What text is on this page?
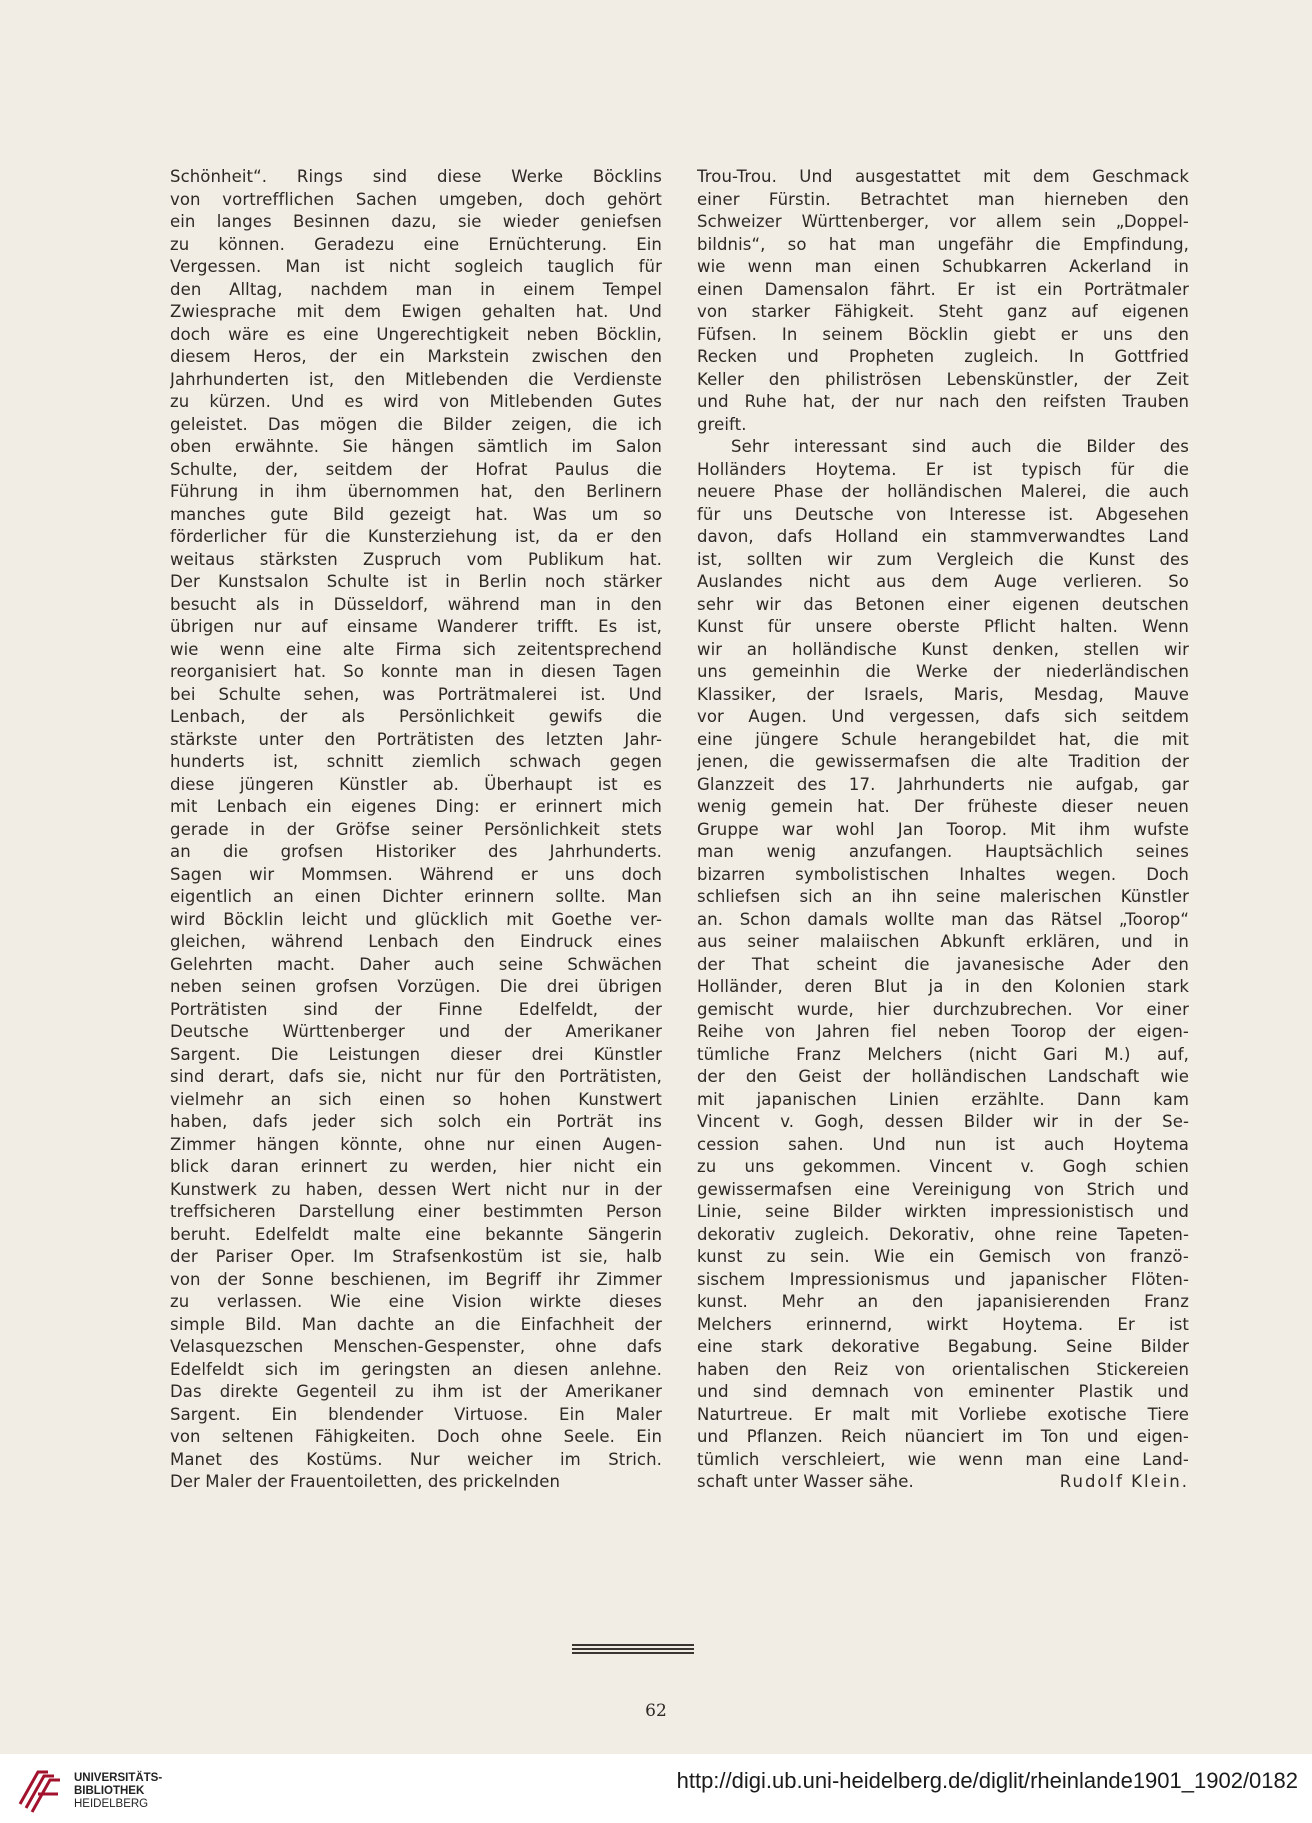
Schönheit“. Rings sind diese Werke Böcklins
von vortrefflichen Sachen umgeben, doch gehört
ein langes Besinnen dazu, sie wieder geniefsen
zu können. Geradezu eine Ernüchterung. Ein
Vergessen. Man ist nicht sogleich tauglich für
den Alltag, nachdem man in einem Tempel
Zwiesprache mit dem Ewigen gehalten hat. Und
doch wäre es eine Ungerechtigkeit neben Böcklin,
diesem Heros, der ein Markstein zwischen den
Jahrhunderten ist, den Mitlebenden die Verdienste
zu kürzen. Und es wird von Mitlebenden Gutes
geleistet. Das mögen die Bilder zeigen, die ich
oben erwähnte. Sie hängen sämtlich im Salon
Schulte, der, seitdem der Hofrat Paulus die
Führung in ihm übernommen hat, den Berlinern
manches gute Bild gezeigt hat. Was um so
förderlicher für die Kunsterziehung ist, da er den
weitaus stärksten Zuspruch vom Publikum hat.
Der Kunstsalon Schulte ist in Berlin noch stärker
besucht als in Düsseldorf, während man in den
übrigen nur auf einsame Wanderer trifft. Es ist,
wie wenn eine alte Firma sich zeitentsprechend
reorganisiert hat. So konnte man in diesen Tagen
bei Schulte sehen, was Porträtmalerei ist. Und
Lenbach, der als Persönlichkeit gewifs die
stärkste unter den Porträtisten des letzten Jahr-
hunderts ist, schnitt ziemlich schwach gegen
diese jüngeren Künstler ab. Überhaupt ist es
mit Lenbach ein eigenes Ding: er erinnert mich
gerade in der Gröfse seiner Persönlichkeit stets
an die grofsen Historiker des Jahrhunderts.
Sagen wir Mommsen. Während er uns doch
eigentlich an einen Dichter erinnern sollte. Man
wird Böcklin leicht und glücklich mit Goethe ver-
gleichen, während Lenbach den Eindruck eines
Gelehrten macht. Daher auch seine Schwächen
neben seinen grofsen Vorzügen. Die drei übrigen
Porträtisten sind der Finne Edelfeldt, der
Deutsche Württenberger und der Amerikaner
Sargent. Die Leistungen dieser drei Künstler
sind derart, dafs sie, nicht nur für den Porträtisten,
vielmehr an sich einen so hohen Kunstwert
haben, dafs jeder sich solch ein Porträt ins
Zimmer hängen könnte, ohne nur einen Augen-
blick daran erinnert zu werden, hier nicht ein
Kunstwerk zu haben, dessen Wert nicht nur in der
treffsicheren Darstellung einer bestimmten Person
beruht. Edelfeldt malte eine bekannte Sängerin
der Pariser Oper. Im Strafsenkostüm ist sie, halb
von der Sonne beschienen, im Begriff ihr Zimmer
zu verlassen. Wie eine Vision wirkte dieses
simple Bild. Man dachte an die Einfachheit der
Velasquezschen Menschen-Gespenster, ohne dafs
Edelfeldt sich im geringsten an diesen anlehne.
Das direkte Gegenteil zu ihm ist der Amerikaner
Sargent. Ein blendender Virtuose. Ein Maler
von seltenen Fähigkeiten. Doch ohne Seele. Ein
Manet des Kostüms. Nur weicher im Strich.
Der Maler der Frauentoiletten, des prickelnden
Trou-Trou. Und ausgestattet mit dem Geschmack
einer Fürstin. Betrachtet man hierneben den
Schweizer Württenberger, vor allem sein „Doppel-
bildnis“, so hat man ungefähr die Empfindung,
wie wenn man einen Schubkarren Ackerland in
einen Damensalon fährt. Er ist ein Porträtmaler
von starker Fähigkeit. Steht ganz auf eigenen
Füfsen. In seinem Böcklin giebt er uns den
Recken und Propheten zugleich. In Gottfried
Keller den philiströsen Lebenskünstler, der Zeit
und Ruhe hat, der nur nach den reifsten Trauben
greift.
Sehr interessant sind auch die Bilder des
Holländers Hoytema. Er ist typisch für die
neuere Phase der holländischen Malerei, die auch
für uns Deutsche von Interesse ist. Abgesehen
davon, dafs Holland ein stammverwandtes Land
ist, sollten wir zum Vergleich die Kunst des
Auslandes nicht aus dem Auge verlieren. So
sehr wir das Betonen einer eigenen deutschen
Kunst für unsere oberste Pflicht halten. Wenn
wir an holländische Kunst denken, stellen wir
uns gemeinhin die Werke der niederländischen
Klassiker, der Israels, Maris, Mesdag, Mauve
vor Augen. Und vergessen, dafs sich seitdem
eine jüngere Schule herangebildet hat, die mit
jenen, die gewissermafsen die alte Tradition der
Glanzzeit des 17. Jahrhunderts nie aufgab, gar
wenig gemein hat. Der früheste dieser neuen
Gruppe war wohl Jan Toorop. Mit ihm wufste
man wenig anzufangen. Hauptsächlich seines
bizarren symbolistischen Inhaltes wegen. Doch
schliefsen sich an ihn seine malerischen Künstler
an. Schon damals wollte man das Rätsel „Toorop“
aus seiner malaiischen Abkunft erklären, und in
der That scheint die javanesische Ader den
Holländer, deren Blut ja in den Kolonien stark
gemischt wurde, hier durchzubrechen. Vor einer
Reihe von Jahren fiel neben Toorop der eigen-
tümliche Franz Melchers (nicht Gari M.) auf,
der den Geist der holländischen Landschaft wie
mit japanischen Linien erzählte. Dann kam
Vincent v. Gogh, dessen Bilder wir in der Se-
cession sahen. Und nun ist auch Hoytema
zu uns gekommen. Vincent v. Gogh schien
gewissermafsen eine Vereinigung von Strich und
Linie, seine Bilder wirkten impressionistisch und
dekorativ zugleich. Dekorativ, ohne reine Tapeten-
kunst zu sein. Wie ein Gemisch von franzö-
sischem Impressionismus und japanischer Flöten-
kunst. Mehr an den japanisierenden Franz
Melchers erinnernd, wirkt Hoytema. Er ist
eine stark dekorative Begabung. Seine Bilder
haben den Reiz von orientalischen Stickereien
und sind demnach von eminenter Plastik und
Naturtreue. Er malt mit Vorliebe exotische Tiere
und Pflanzen. Reich nüanciert im Ton und eigen-
tümlich verschleiert, wie wenn man eine Land-
schaft unter Wasser sähe.	Rudolf Klein.
62
UNIVERSITÄTS-
BIBLIOTHEK
HEIDELBERG
http://digi.ub.uni-heidelberg.de/diglit/rheinlande1901_1902/0182
